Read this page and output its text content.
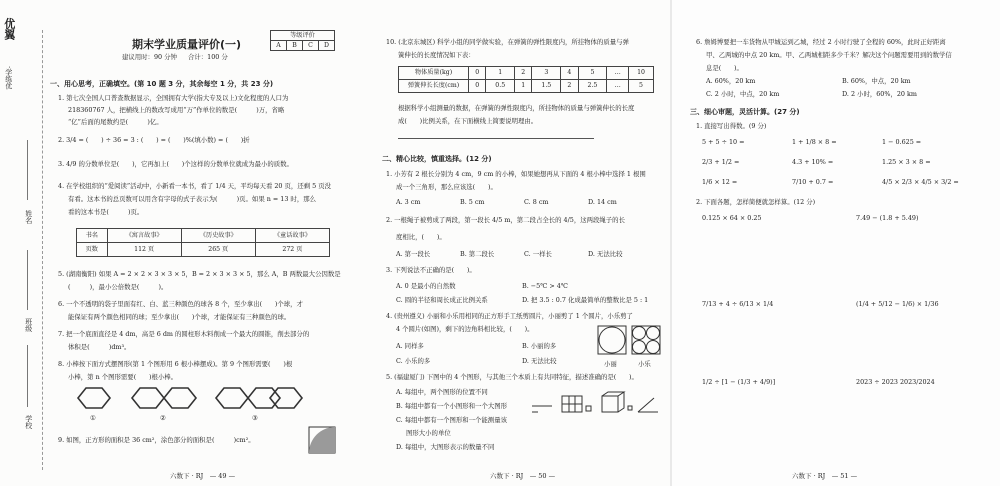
优翼
·学练优
姓名
班级
学校
期末学业质量评价(一)
建议用时：90 分钟 合计：100 分
等级评价
A	B	C	D
一、用心思考，正确填空。(第 10 题 3 分，其余每空 1 分，共 23 分)
1. 第七次全国人口普查数据显示，全国拥有大学(指大专及以上)文化程度的人口为
218360767 人，把横线上的数改写成用“万”作单位的数是(　　　)万，省略
“亿”后面的尾数约是(　　　)亿。
2. 3/4 = (　　) ÷ 36 = 3 : (　　) = (　　)%(填小数) = (　　)折
3. 4/9 的分数单位是(　　)，它再加上(　　)个这样的分数单位就成为最小的质数。
4. 在学校组织的“爱阅读”活动中，小新看一本书，看了 1/4 天，平均每天看 20 页，还剩 5 页没
有看。这本书的总页数可以用含有字母的式子表示为(　　　)页。如果 n = 13 时，那么
看的这本书是(　　　)页。
书名	《寓言故事》	《历史故事》	《童话故事》
页数	112 页	265 页	272 页
5. (湖南衡阳) 如果 A = 2 × 2 × 3 × 3 × 5，B = 2 × 3 × 3 × 5，那么 A，B 两数最大公因数是
(　　　)，最小公倍数是(　　　)。
6. 一个不透明的袋子里面有红、白、蓝三种颜色的球各 8 个，至少拿出(　　)个球，才
能保证有两个颜色相同的球；至少拿出(　　)个球，才能保证有三种颜色的球。
7. 把一个底面直径是 4 dm，高是 6 dm 的圆柱形木料削成一个最大的圆锥，削去部分的
体积是(　　　)dm³。
8. 小棒按下面方式摆图形(第 1 个图形用 6 根小棒摆成)。第 9 个图形需要(　　)根
小棒，第 n 个图形需要(　　)根小棒。
①	②	③
9. 如图，正方形的面积是 36 cm²，涂色部分的面积是(　　　)cm²。
六数下 · RJ　— 49 —
10. (北京东城区) 科学小组的同学做实验，在弹簧的弹性限度内，所挂物体的质量与弹
簧伸长的长度情况如下表：
物体质量(kg)	0	1	2	3	4	5	…	10
弹簧伸长长度(cm)	0	0.5	1	1.5	2	2.5	…	5
根据科学小组测量的数据，在弹簧的弹性限度内，所挂物体的质量与弹簧伸长的长度
成(　　)比例关系，在下面横线上简要说明理由。
二、精心比较，慎重选择。(12 分)
1. 小芳有 2 根长分别为 4 cm，9 cm 的小棒，如果她想再从下面的 4 根小棒中选择 1 根围
成一个三角形，那么应该选(　　)。
A. 3 cm	B. 5 cm	C. 8 cm	D. 14 cm
2. 一根绳子被剪成了两段，第一段长 4/5 m，第二段占全长的 4/5，这两段绳子的长
度相比，(　　)。
A. 第一段长	B. 第二段长	C. 一样长	D. 无法比较
3. 下列说法不正确的是(　　)。
A. 0 是最小的自然数	B. −5℃ > 4℃
C. 圆的半径和周长成正比例关系	D. 把 3.5 : 0.7 化成最简单的整数比是 5 : 1
4. (贵州遵义) 小丽和小乐用相同的正方形手工纸剪圆片，小丽剪了 1 个圆片，小乐剪了
4 个圆片(如图)，剩下的边角料相比较，(　　)。
A. 同样多
C. 小乐的多
B. 小丽的多
D. 无法比较	小丽	小乐
5. (福建厦门) 下图中的 4 个图形，与其他三个本质上有共同特征，描述准确的是(　　)。
A. 每组中，两个图形的位置不同
B. 每组中都有一个小图形和一个大图形
C. 每组中都有一个图形和一个能测量该
图形大小的单位
D. 每组中，大图形表示的数量不同
六数下 · RJ　— 50 —
6. 詹姆博要把一车货物从甲城运到乙城，经过 2 小时行驶了全程的 60%，此时正好距离
甲、乙两城的中点 20 km。甲、乙两城相距多少千米？解决这个问题需要用到的数学信
息是(　　)。
A. 60%，20 km	B. 60%，中点，20 km
C. 2 小时，中点，20 km	D. 2 小时，60%，20 km
三、细心审题，灵活计算。(27 分)
1. 直接写出得数。(9 分)
5 + 5 ÷ 10 =	1 + 1/8 × 8 =	1 − 0.625 =
2/3 + 1/2 =	4.3 + 10% =	1.25 × 3 × 8 =
1/6 × 12 =	7/10 + 0.7 =	4/5 × 2/3 × 4/5 × 3/2 =
2. 下面各题，怎样简便就怎样算。(12 分)
0.125 × 64 × 0.25	7.49 − (1.8 + 5.49)
7/13 + 4 ÷ 6/13 × 1/4	(1/4 + 5/12 − 1/6) × 1/36
1/2 ÷ [1 − (1/3 + 4/9)]	2023 ÷ 2023 2023/2024
六数下 · RJ　— 51 —
